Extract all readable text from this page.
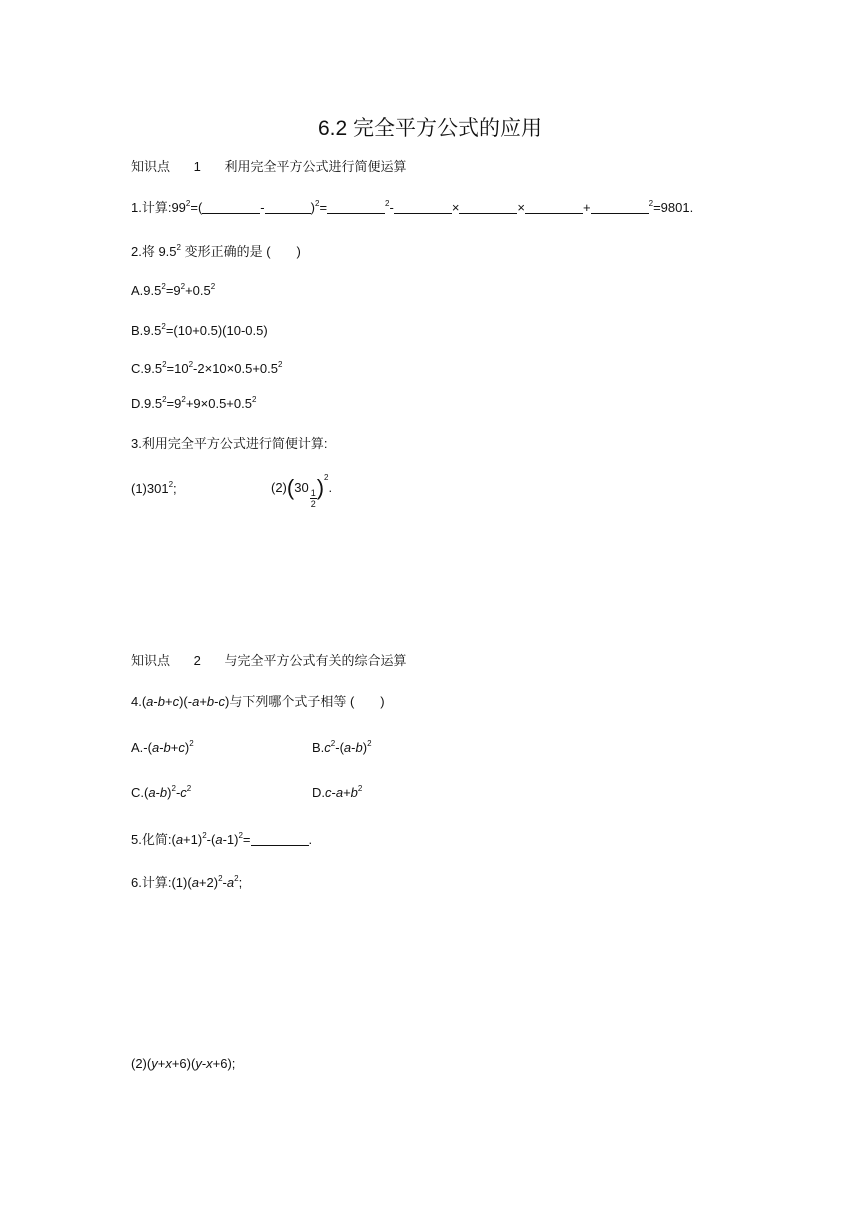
6.2 完全平方公式的应用
知识点 1 利用完全平方公式进行简便运算
1.计算$:99^2=$(	-	)$^2$=	$^2$-	×	×	+	$^2$=9801.
2.将 $9.5^2$ 变形正确的是 (　　)
$A.9.5^2=9^2+0.5^2$
$B.9.5^2=(10+0.5)(10-0.5)$
$C.9.5^2=10^2-2\times 10\times 0.5+0.5^2$
$D.9.5^2=9^2+9\times 0.5+0.5^2$
3.利用完全平方公式进行简便计算:
$(1)301^2$;	(2)(30
$\frac{1}{2} )^2$.
知识点 2 与完全平方公式有关的综合运算
4.(a-b+c)(-a+b-c)与下列哪个式子相等 (　　)
$A.-(a-b+c)^2$	$B.c^2-(a-b)^2$
$C.(a-b)^2-c^2$	$D.c-a+b^2$
5.化简$:(a+1)^2-(a-1)^2=$	.
6.计算$:(1)(a+2)^2-a^2$;
(2)(y+x+6)(y-x+6);
